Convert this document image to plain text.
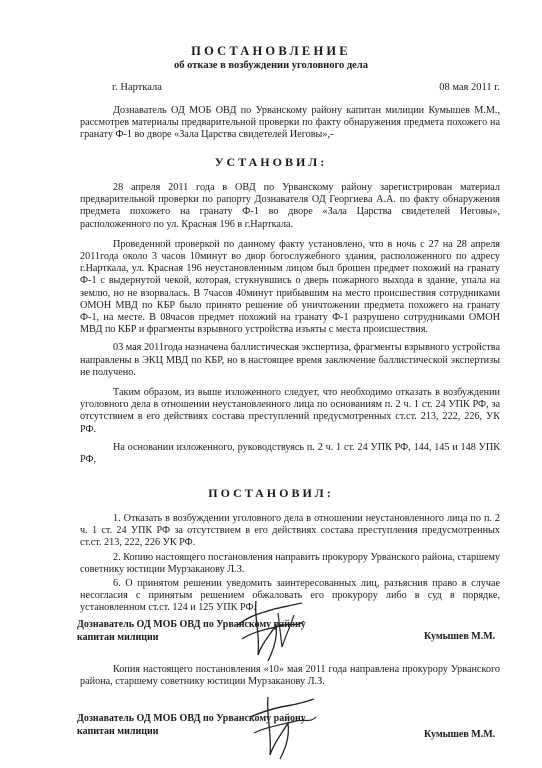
ПОСТАНОВЛЕНИЕ
об отказе в возбуждении уголовного дела
г. Нарткала	08 мая 2011 г.
Дознаватель ОД МОБ ОВД по Урванскому району капитан милиции Кумышев М.М., рассмотрев материалы предварительной проверки по факту обнаружения предмета похожего на гранату Ф-1 во дворе «Зала Царства свидетелей Иеговы»,-
УСТАНОВИЛ:

28 апреля 2011 года в ОВД по Урванскому району зарегистрирован материал предварительной проверки по рапорту Дознавателя ОД Георгиева А.А. по факту обнаружения предмета похожего на гранату Ф-1 во дворе «Зала Царства свидетелей Иеговы», расположенного по ул. Красная 196 в г.Нарткала.

Проведенной проверкой по данному факту установлено, что в ночь с 27 на 28 апреля 2011года около 3 часов 10минут во двор богослужебного здания, расположенного по адресу г.Нарткала, ул. Красная 196 неустановленным лицом был брошен предмет похожий на гранату Ф-1 с выдернутой чекой, которая, стукнувшись о дверь пожарного выхода в здание, упала на землю, но не взорвалась. В 7часов 40минут прибывшим на место происшествия сотрудниками ОМОН МВД по КБР было принято решение об уничтожении предмета похожего на гранату Ф-1, на месте. В 08часов предмет похожий на гранату Ф-1 разрушено сотрудниками ОМОН МВД по КБР и фрагменты взрывного устройства изъяты с места происшествия.

03 мая 2011года назначена баллистическая экспертиза, фрагменты взрывного устройства направлены в ЭКЦ МВД по КБР, но в настоящее время заключение баллистической экспертизы не получено.

Таким образом, из выше изложенного следует, что необходимо отказать в возбуждении уголовного дела в отношении неустановленного лица по основаниям п. 2 ч. 1 ст. 24 УПК РФ, за отсутствием в его действиях состава преступлений предусмотренных ст.ст. 213, 222, 226, УК РФ.

На основании изложенного, руководствуясь п. 2 ч. 1 ст. 24 УПК РФ, 144, 145 и 148 УПК РФ,

ПОСТАНОВИЛ:

1. Отказать в возбуждении уголовного дела в отношении неустановленного лица по п. 2 ч. 1 ст. 24 УПК РФ за отсутствием в его действиях состава преступления предусмотренных ст.ст. 213, 222, 226 УК РФ.

2. Копию настоящего постановления направить прокурору Урванского района, старшему советнику юстиции Мурзаканову Л.З.

6. О принятом решении уведомить заинтересованных лиц, разъяснив право в случае несогласия с принятым решением обжаловать его прокурору либо в суд в порядке, установленном ст.ст. 124 и 125 УПК РФ.

Дознаватель ОД МОБ ОВД по Урванскому району
капитан милиции	Кумышев М.М.
Копия настоящего постановления «10» мая 2011 года направлена прокурору Урванского района, старшему советнику юстиции Мурзаканову Л.З.
Дознаватель ОД МОБ ОВД по Урванскому району
капитан милиции	Кумышев М.М.
